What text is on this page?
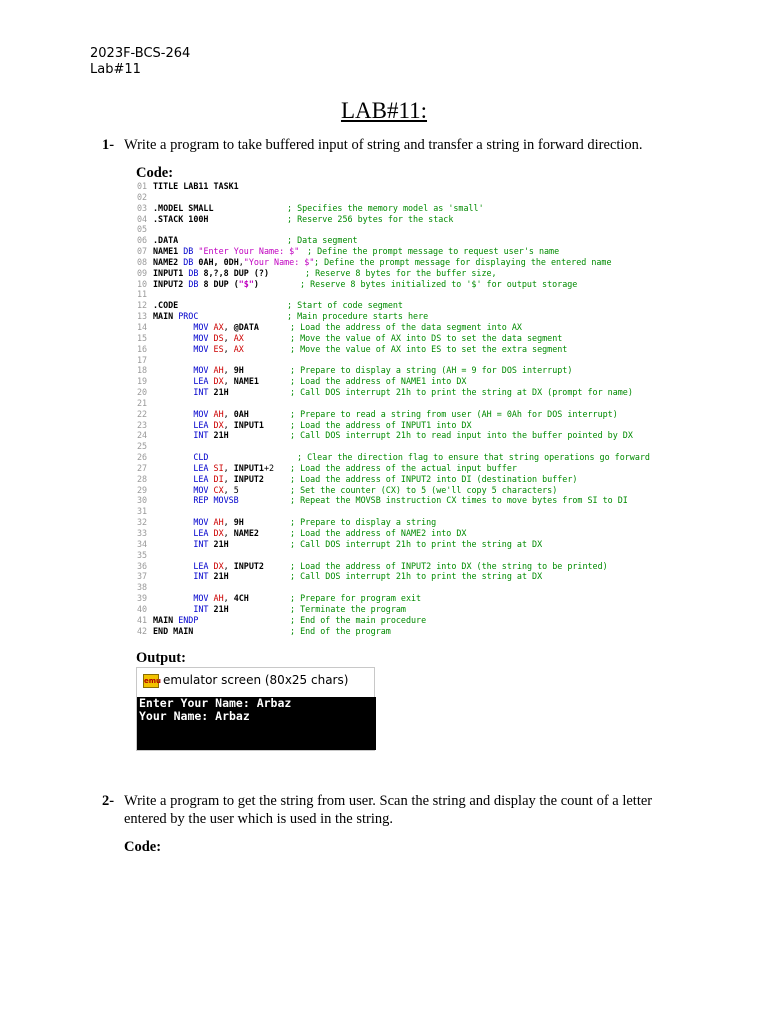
2023F-BCS-264
Lab#11
LAB#11:
1- Write a program to take buffered input of string and transfer a string in forward direction.
Code:
01 TITLE LAB11 TASK1
02
03 .MODEL SMALL	; Specifies the memory model as 'small'
04 .STACK 100H	; Reserve 256 bytes for the stack
05
06 .DATA	; Data segment
07 NAME1 DB "Enter Your Name: $" ; Define the prompt message to request user's name
08 NAME2 DB 0AH, 0DH,"Your Name: $" ; Define the prompt message for displaying the entered name
09 INPUT1 DB 8,?,8 DUP (?)	; Reserve 8 bytes for the buffer size,
10 INPUT2 DB 8 DUP ("$")	; Reserve 8 bytes initialized to '$' for output storage
11
12 .CODE	; Start of code segment
13 MAIN PROC	; Main procedure starts here
14	MOV AX, @DATA	; Load the address of the data segment into AX
15	MOV DS, AX	; Move the value of AX into DS to set the data segment
16	MOV ES, AX	; Move the value of AX into ES to set the extra segment
17
18	MOV AH, 9H	; Prepare to display a string (AH = 9 for DOS interrupt)
19	LEA DX, NAME1	; Load the address of NAME1 into DX
20	INT 21H	; Call DOS interrupt 21h to print the string at DX (prompt for name)
21
22	MOV AH, 0AH	; Prepare to read a string from user (AH = 0Ah for DOS interrupt)
23	LEA DX, INPUT1	; Load the address of INPUT1 into DX
24	INT 21H	; Call DOS interrupt 21h to read input into the buffer pointed by DX
25
26	CLD	; Clear the direction flag to ensure that string operations go forward
27	LEA SI, INPUT1+2 ; Load the address of the actual input buffer
28	LEA DI, INPUT2	; Load the address of INPUT2 into DI (destination buffer)
29	MOV CX, 5	; Set the counter (CX) to 5 (we'll copy 5 characters)
30	REP MOVSB	; Repeat the MOVSB instruction CX times to move bytes from SI to DI
31
32	MOV AH, 9H	; Prepare to display a string
33	LEA DX, NAME2	; Load the address of NAME2 into DX
34	INT 21H	; Call DOS interrupt 21h to print the string at DX
35
36	LEA DX, INPUT2	; Load the address of INPUT2 into DX (the string to be printed)
37	INT 21H	; Call DOS interrupt 21h to print the string at DX
38
39	MOV AH, 4CH	; Prepare for program exit
40	INT 21H	; Terminate the program
41 MAIN ENDP	; End of the main procedure
42 END MAIN	; End of the program
Output:
emu emulator screen (80x25 chars)
Enter Your Name: Arbaz
Your Name: Arbaz
2- Write a program to get the string from user. Scan the string and display the count of a letter entered by the user which is used in the string.
Code:
